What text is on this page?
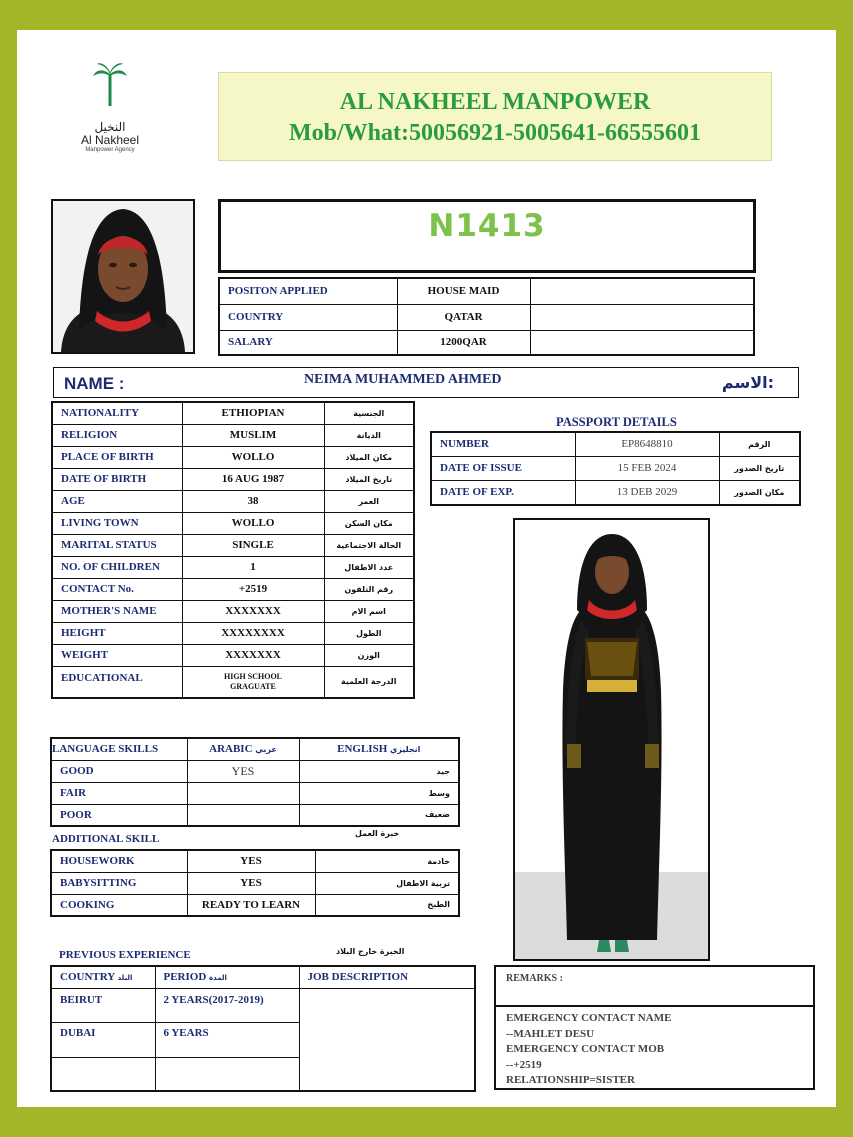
النخيل
Al Nakheel
Manpower Agency
AL NAKHEEL MANPOWER
Mob/What:50056921-5005641-66555601
N1413
POSITON APPLIED	HOUSE MAID	
COUNTRY	QATAR	
SALARY	1200QAR	
NAME :	NEIMA MUHAMMED AHMED	الاسم:
NATIONALITY	ETHIOPIAN	الجنسية
RELIGION	MUSLIM	الديانة
PLACE OF BIRTH	WOLLO	مكان الميلاد
DATE OF BIRTH	16 AUG 1987	تاريخ الميلاد
AGE	38	العمر
LIVING TOWN	WOLLO	مكان السكن
MARITAL STATUS	SINGLE	الحالة الاجتماعية
NO. OF CHILDREN	1	عدد الاطفال
CONTACT No.	+2519	رقم التلفون
MOTHER'S NAME	XXXXXXX	اسم الام
HEIGHT	XXXXXXXX	الطول
WEIGHT	XXXXXXX	الوزن
EDUCATIONAL	HIGH SCHOOL GRAGUATE	الدرجة العلمية
PASSPORT DETAILS
NUMBER	EP8648810	الرقم
DATE OF ISSUE	15 FEB 2024	تاريخ الصدور
DATE OF EXP.	13 DEB 2029	مكان الصدور
LANGUAGE SKILLS	ARABIC عربي	ENGLISH انجليزي
GOOD	YES	جيد
FAIR		وسط
POOR		ضعيف
ADDITIONAL SKILL	خبرة العمل
HOUSEWORK	YES	خادمة
BABYSITTING	YES	تربية الاطفال
COOKING	READY TO LEARN	الطبخ
PREVIOUS EXPERIENCE	الخبرة خارج البلاد
COUNTRY البلد	PERIOD المدة	JOB DESCRIPTION
BEIRUT	2 YEARS(2017-2019)	
DUBAI	6 YEARS	

REMARKS :
EMERGENCY CONTACT NAME
--MAHLET DESU
EMERGENCY CONTACT MOB
--+2519
RELATIONSHIP=SISTER
